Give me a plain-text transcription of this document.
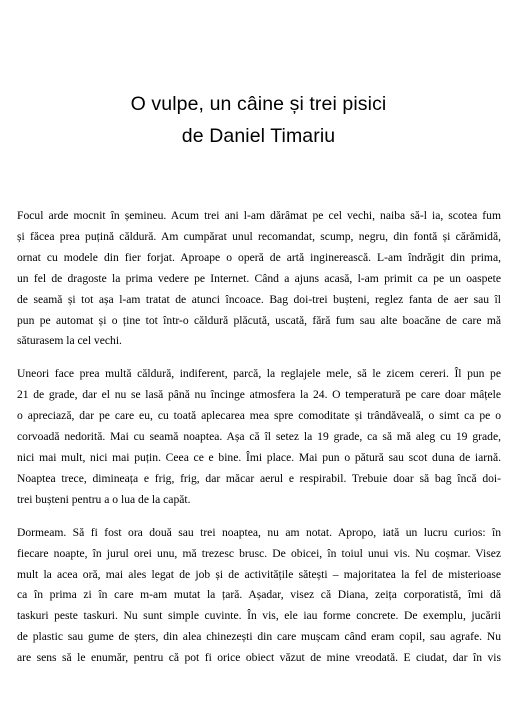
O vulpe, un câine și trei pisici
de Daniel Timariu
Focul arde mocnit în șemineu. Acum trei ani l-am dărâmat pe cel vechi, naiba să-l ia, scotea fum
și făcea prea puțină căldură. Am cumpărat unul recomandat, scump, negru, din fontă și cărămidă,
ornat cu modele din fier forjat. Aproape o operă de artă inginerească. L-am îndrăgit din prima,
un fel de dragoste la prima vedere pe Internet. Când a ajuns acasă, l-am primit ca pe un oaspete
de seamă și tot așa l-am tratat de atunci încoace. Bag doi-trei bușteni, reglez fanta de aer sau îl
pun pe automat și o ține tot într-o căldură plăcută, uscată, fără fum sau alte boacăne de care mă
săturasem la cel vechi.
Uneori face prea multă căldură, indiferent, parcă, la reglajele mele, să le zicem cereri. Îl pun pe
21 de grade, dar el nu se lasă până nu încinge atmosfera la 24. O temperatură pe care doar mâțele
o apreciază, dar pe care eu, cu toată aplecarea mea spre comoditate și trândăveală, o simt ca pe o
corvoadă nedorită. Mai cu seamă noaptea. Așa că îl setez la 19 grade, ca să mă aleg cu 19 grade,
nici mai mult, nici mai puțin. Ceea ce e bine. Îmi place. Mai pun o pătură sau scot duna de iarnă.
Noaptea trece, dimineața e frig, frig, dar măcar aerul e respirabil. Trebuie doar să bag încă doi-
trei bușteni pentru a o lua de la capăt.
Dormeam. Să fi fost ora două sau trei noaptea, nu am notat. Apropo, iată un lucru curios: în
fiecare noapte, în jurul orei unu, mă trezesc brusc. De obicei, în toiul unui vis. Nu coșmar. Visez
mult la acea oră, mai ales legat de job și de activitățile sătești – majoritatea la fel de misterioase
ca în prima zi în care m-am mutat la țară. Așadar, visez că Diana, zeița corporatistă, îmi dă
taskuri peste taskuri. Nu sunt simple cuvinte. În vis, ele iau forme concrete. De exemplu, jucării
de plastic sau gume de șters, din alea chinezești din care mușcam când eram copil, sau agrafe. Nu
are sens să le enumăr, pentru că pot fi orice obiect văzut de mine vreodată. E ciudat, dar în vis
